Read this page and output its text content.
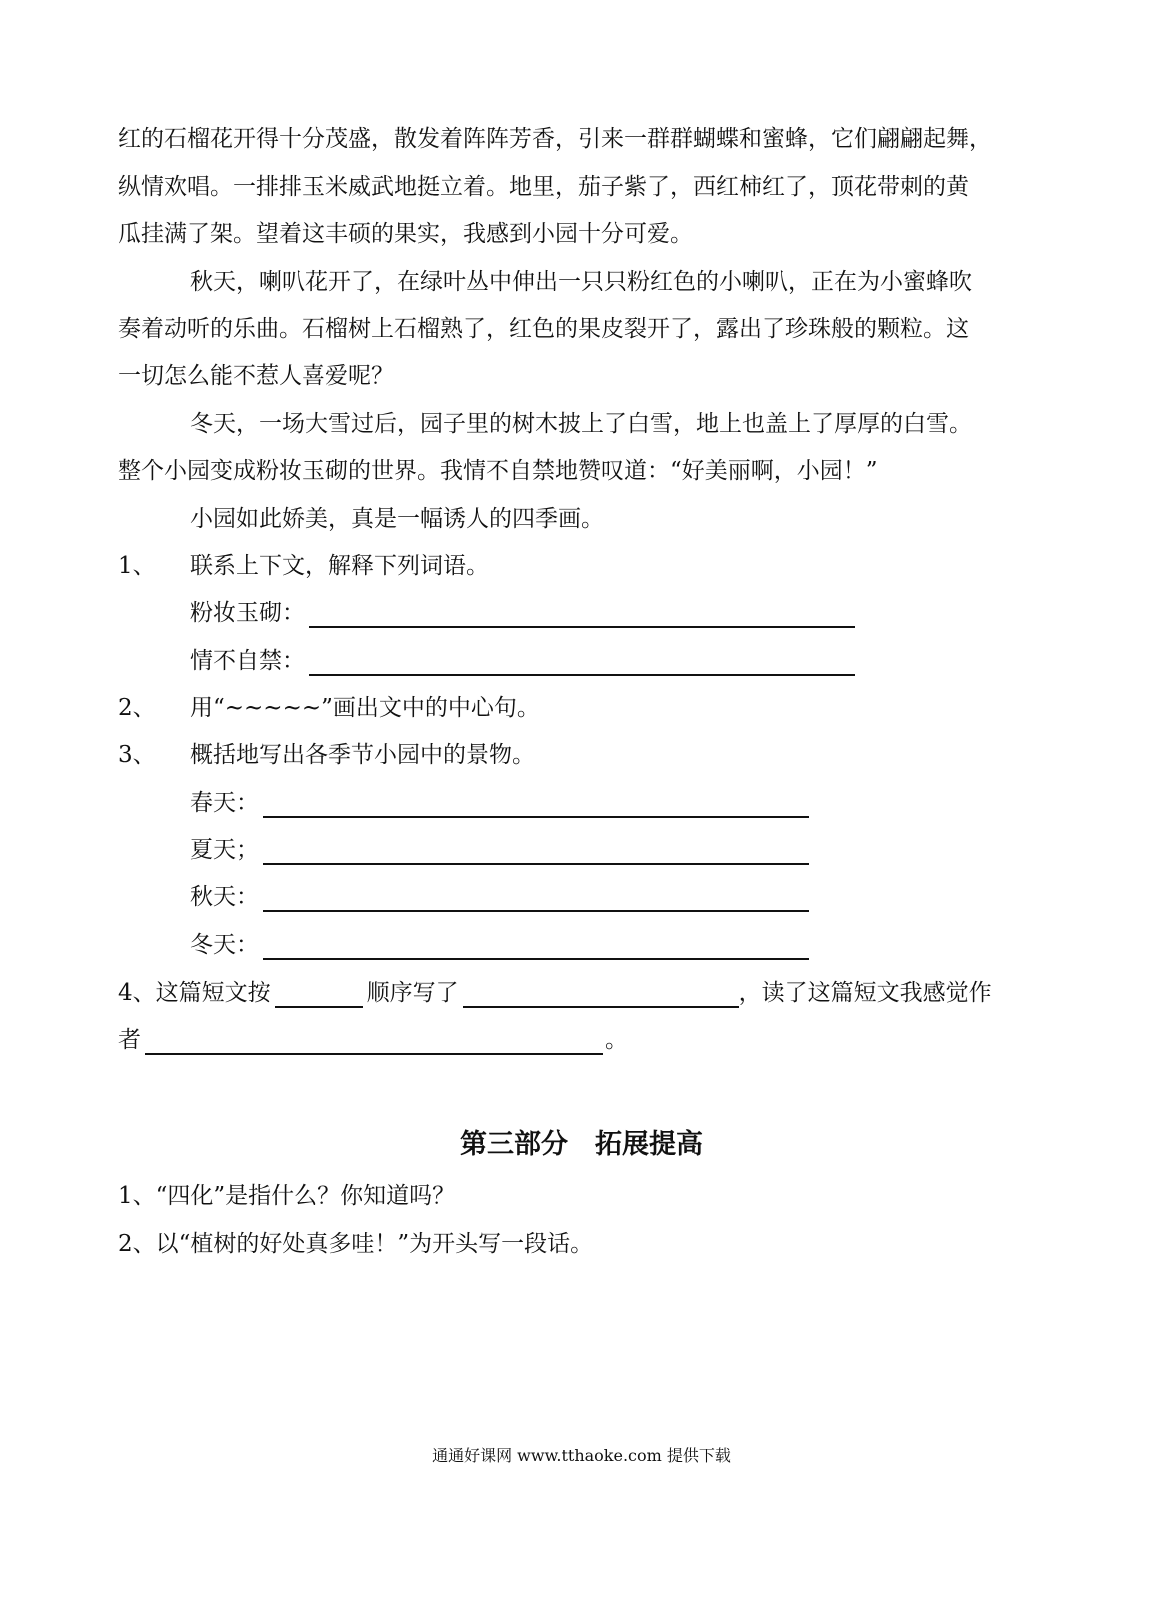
红的石榴花开得十分茂盛，散发着阵阵芳香，引来一群群蝴蝶和蜜蜂，它们翩翩起舞，
纵情欢唱。一排排玉米威武地挺立着。地里，茄子紫了，西红柿红了，顶花带刺的黄
瓜挂满了架。望着这丰硕的果实，我感到小园十分可爱。
秋天，喇叭花开了，在绿叶丛中伸出一只只粉红色的小喇叭，正在为小蜜蜂吹
奏着动听的乐曲。石榴树上石榴熟了，红色的果皮裂开了，露出了珍珠般的颗粒。这
一切怎么能不惹人喜爱呢？
冬天，一场大雪过后，园子里的树木披上了白雪，地上也盖上了厚厚的白雪。
整个小园变成粉妆玉砌的世界。我情不自禁地赞叹道：“好美丽啊，小园！”
小园如此娇美，真是一幅诱人的四季画。
1、 联系上下文，解释下列词语。
粉妆玉砌：
情不自禁：
2、 用“~~~~~”画出文中的中心句。
3、 概括地写出各季节小园中的景物。
春天：
夏天；
秋天：
冬天：
4、这篇短文按	顺序写了	，读了这篇短文我感觉作
者	。
第三部分　拓展提高
1、“四化”是指什么？你知道吗？
2、以“植树的好处真多哇！”为开头写一段话。
通通好课网 www.tthaoke.com 提供下载
